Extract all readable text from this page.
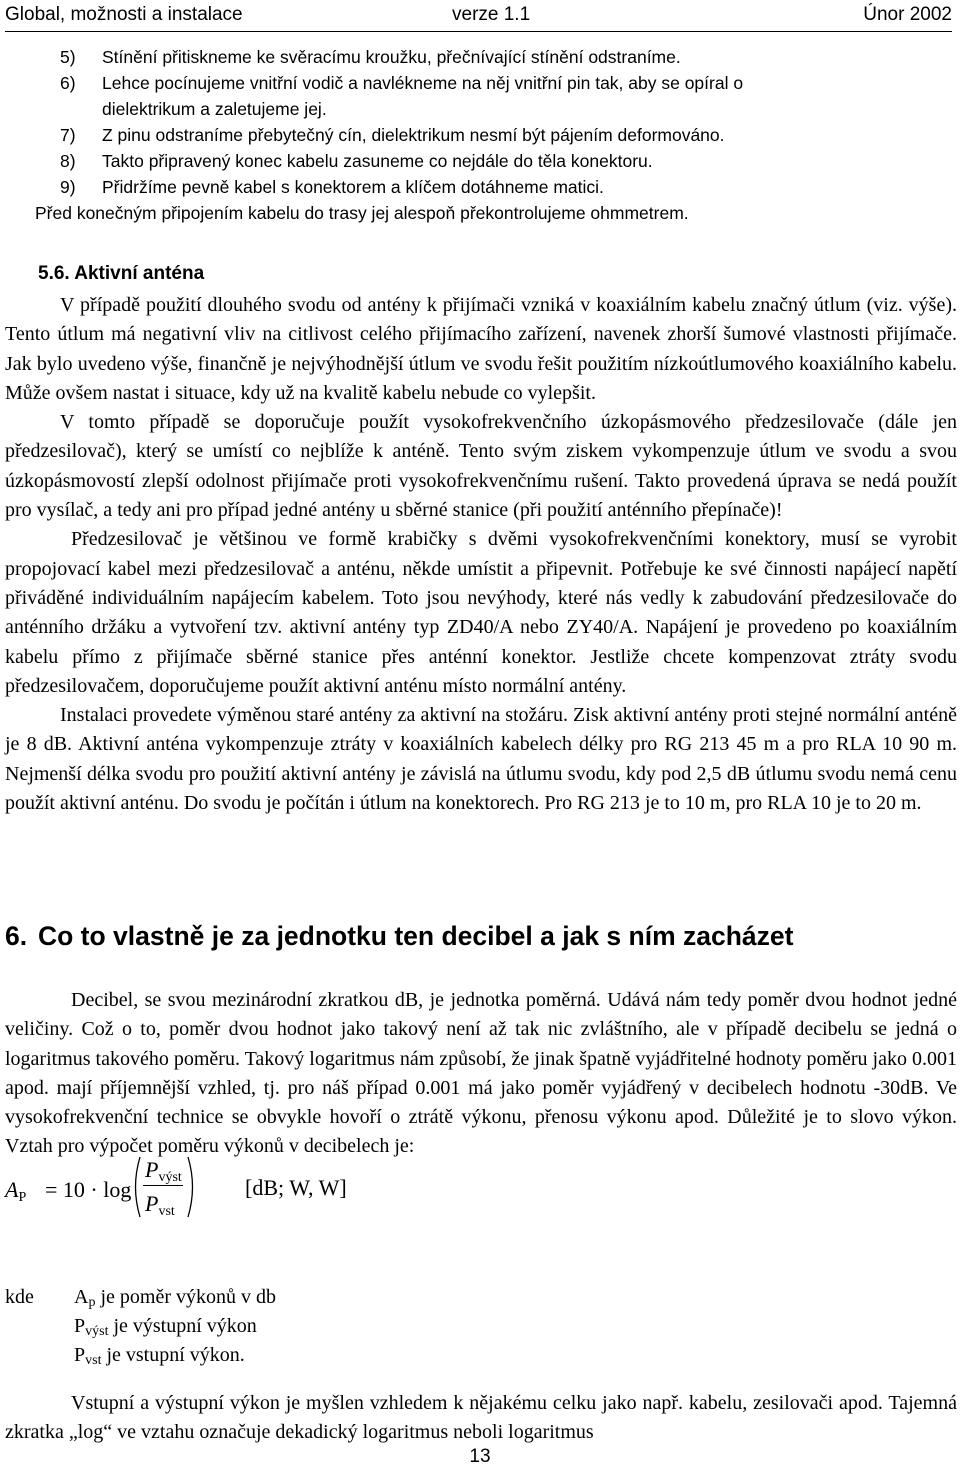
Global, možnosti a instalace	verze 1.1	Únor 2002
5) Stínění přitiskneme ke svěracímu kroužku, přečnívající stínění odstraníme.
6) Lehce pocínujeme vnitřní vodič a navlékneme na něj vnitřní pin tak, aby se opíral o
dielektrikum a zaletujeme jej.
7) Z pinu odstraníme přebytečný cín, dielektrikum nesmí být pájením deformováno.
8) Takto připravený konec kabelu zasuneme co nejdále do těla konektoru.
9) Přidržíme pevně kabel s konektorem a klíčem dotáhneme matici.
Před konečným připojením kabelu do trasy jej alespoň překontrolujeme ohmmetrem.
5.6. Aktivní anténa

V případě použití dlouhého svodu od antény k přijímači vzniká v koaxiálním kabelu značný útlum (viz. výše). Tento útlum má negativní vliv na citlivost celého přijímacího zařízení, navenek zhorší šumové vlastnosti přijímače. Jak bylo uvedeno výše, finančně je nejvýhodnější útlum ve svodu řešit použitím nízkoútlumového koaxiálního kabelu. Může ovšem nastat i situace, kdy už na kvalitě kabelu nebude co vylepšit.

V tomto případě se doporučuje použít vysokofrekvenčního úzkopásmového předzesilovače (dále jen předzesilovač), který se umístí co nejblíže k anténě. Tento svým ziskem vykompenzuje útlum ve svodu a svou úzkopásmovostí zlepší odolnost přijímače proti vysokofrekvenčnímu rušení. Takto provedená úprava se nedá použít pro vysílač, a tedy ani pro případ jedné antény u sběrné stanice (při použití anténního přepínače)!

Předzesilovač je většinou ve formě krabičky s dvěmi vysokofrekvenčními konektory, musí se vyrobit propojovací kabel mezi předzesilovač a anténu, někde umístit a připevnit. Potřebuje ke své činnosti napájecí napětí přiváděné individuálním napájecím kabelem. Toto jsou nevýhody, které nás vedly k zabudování předzesilovače do anténního držáku a vytvoření tzv. aktivní antény typ ZD40/A nebo ZY40/A. Napájení je provedeno po koaxiálním kabelu přímo z přijímače sběrné stanice přes anténní konektor. Jestliže chcete kompenzovat ztráty svodu předzesilovačem, doporučujeme použít aktivní anténu místo normální antény.

Instalaci provedete výměnou staré antény za aktivní na stožáru. Zisk aktivní antény proti stejné normální anténě je 8 dB. Aktivní anténa vykompenzuje ztráty v koaxiálních kabelech délky pro RG 213 45 m a pro RLA 10 90 m. Nejmenší délka svodu pro použití aktivní antény je závislá na útlumu svodu, kdy pod 2,5 dB útlumu svodu nemá cenu použít aktivní anténu. Do svodu je počítán i útlum na konektorech. Pro RG 213 je to 10 m, pro RLA 10 je to 20 m.

6. Co to vlastně je za jednotku ten decibel a jak s ním zacházet

Decibel, se svou mezinárodní zkratkou dB, je jednotka poměrná. Udává nám tedy poměr dvou hodnot jedné veličiny. Což o to, poměr dvou hodnot jako takový není až tak nic zvláštního, ale v případě decibelu se jedná o logaritmus takového poměru. Takový logaritmus nám způsobí, že jinak špatně vyjádřitelné hodnoty poměru jako 0.001 apod. mají příjemnější vzhled, tj. pro náš případ 0.001 má jako poměr vyjádřený v decibelech hodnotu -30dB. Ve vysokofrekvenční technice se obvykle hovoří o ztrátě výkonu, přenosu výkonu apod. Důležité je to slovo výkon. Vztah pro výpočet poměru výkonů v decibelech je:

$A_P = 10 \cdot \log$
$P_{výst}$
$P_{vst}$
[dB; W, W]
kde $A_p$ je poměr výkonů v db
$P_{výst}$ je výstupní výkon
$P_{vst}$ je vstupní výkon.

Vstupní a výstupní výkon je myšlen vzhledem k nějakému celku jako např. kabelu, zesilovači apod. Tajemná zkratka „log“ ve vztahu označuje dekadický logaritmus neboli logaritmus

13
